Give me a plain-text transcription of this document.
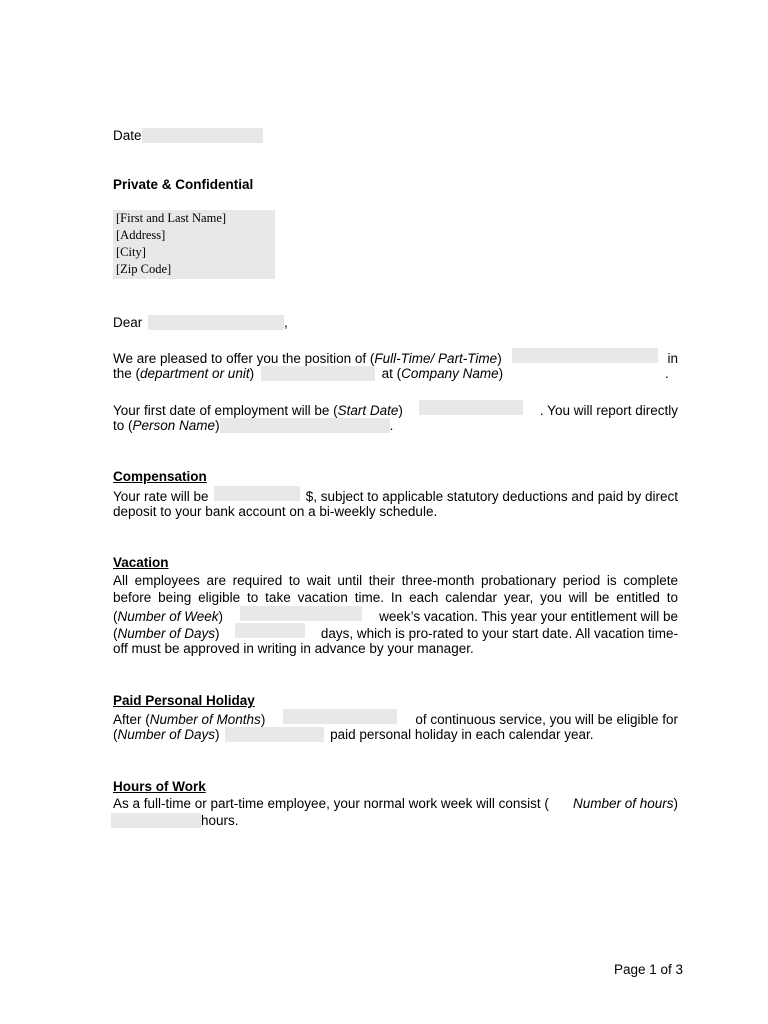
Date
Private & Confidential
[First and Last Name]
[Address]
[City]
[Zip Code]
Dear	,
We are pleased to offer you the position of (Full-Time/ Part-Time)	in
the (department or unit)	at (Company Name)	.
Your first date of employment will be (Start Date)	. You will report directly
to (Person Name)	.
Compensation
Your rate will be	$, subject to applicable statutory deductions and paid by direct
deposit to your bank account on a bi-weekly schedule.
Vacation
All employees are required to wait until their three-month probationary period is complete
before being eligible to take vacation time. In each calendar year, you will be entitled to
(Number of Week)	week’s vacation. This year your entitlement will be
(Number of Days)	days, which is pro-rated to your start date. All vacation time-
off must be approved in writing in advance by your manager.
Paid Personal Holiday
After (Number of Months)	of continuous service, you will be eligible for
(Number of Days)	paid personal holiday in each calendar year.
Hours of Work
As a full-time or part-time employee, your normal work week will consist ( Number of hours)
hours.
Page 1 of 3
